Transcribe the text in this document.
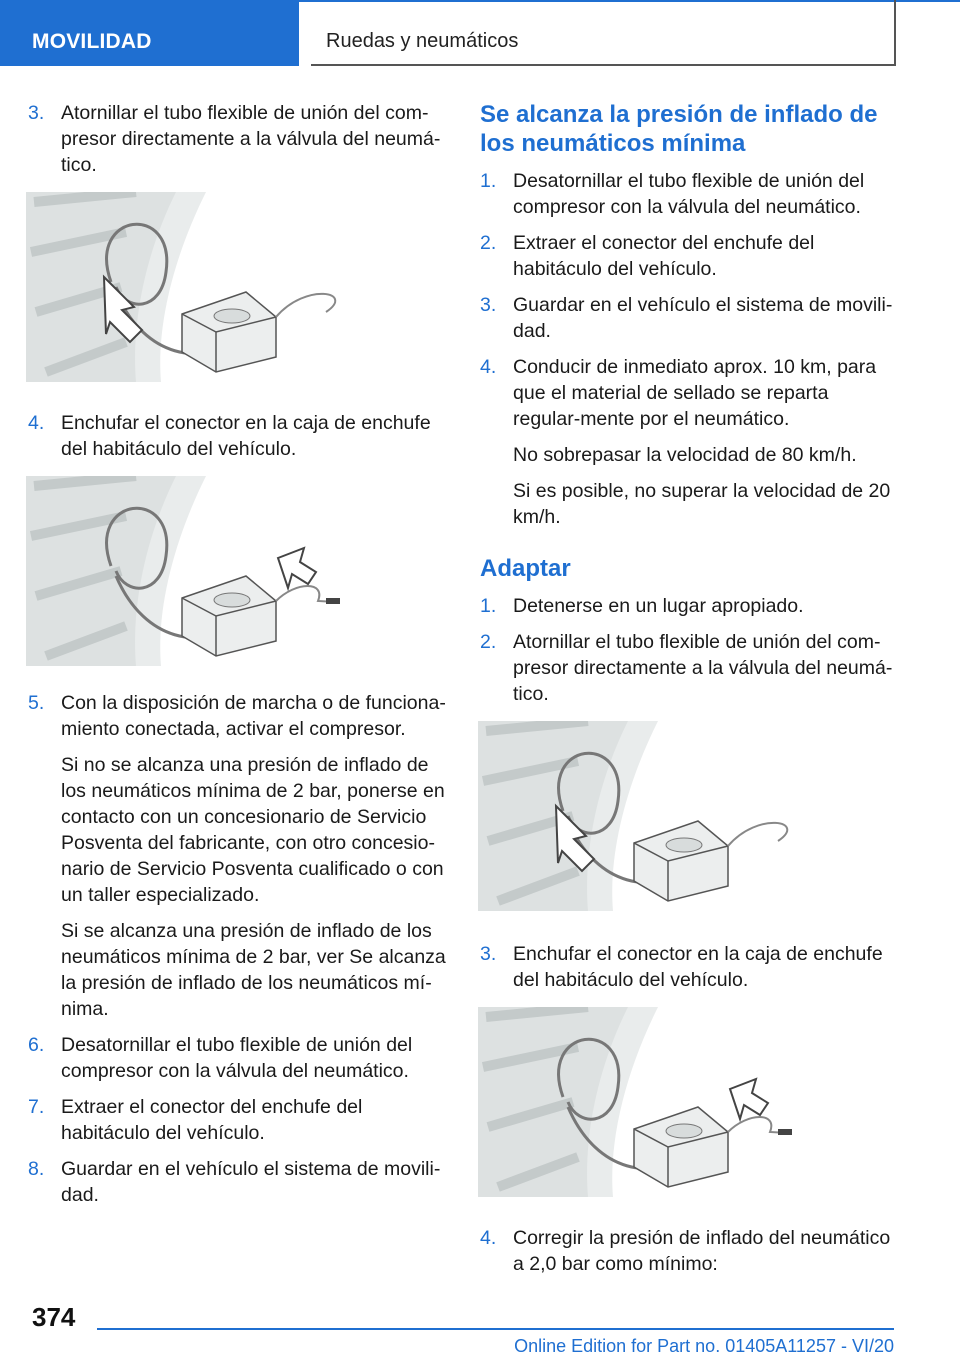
MOVILIDAD	Ruedas y neumáticos
3. Atornillar el tubo flexible de unión del com-presor directamente a la válvula del neumá-tico.

4. Enchufar el conector en la caja de enchufe del habitáculo del vehículo.

5. Con la disposición de marcha o de funciona-miento conectada, activar el compresor.

Si no se alcanza una presión de inflado de los neumáticos mínima de 2 bar, ponerse en contacto con un concesionario de Servicio Posventa del fabricante, con otro concesio-nario de Servicio Posventa cualificado o con un taller especializado.

Si se alcanza una presión de inflado de los neumáticos mínima de 2 bar, ver Se alcanza la presión de inflado de los neumáticos mí-nima.

6. Desatornillar el tubo flexible de unión del compresor con la válvula del neumático.

7. Extraer el conector del enchufe del habitáculo del vehículo.

8. Guardar en el vehículo el sistema de movili-dad.

Se alcanza la presión de inflado de los neumáticos mínima
1. Desatornillar el tubo flexible de unión del compresor con la válvula del neumático.

2. Extraer el conector del enchufe del habitáculo del vehículo.

3. Guardar en el vehículo el sistema de movili-dad.

4. Conducir de inmediato aprox. 10 km, para que el material de sellado se reparta regular-mente por el neumático.

No sobrepasar la velocidad de 80 km/h.

Si es posible, no superar la velocidad de 20 km/h.

Adaptar
1. Detenerse en un lugar apropiado.

2. Atornillar el tubo flexible de unión del com-presor directamente a la válvula del neumá-tico.

3. Enchufar el conector en la caja de enchufe del habitáculo del vehículo.

4. Corregir la presión de inflado del neumático a 2,0 bar como mínimo:

374
Online Edition for Part no. 01405A11257 - VI/20
